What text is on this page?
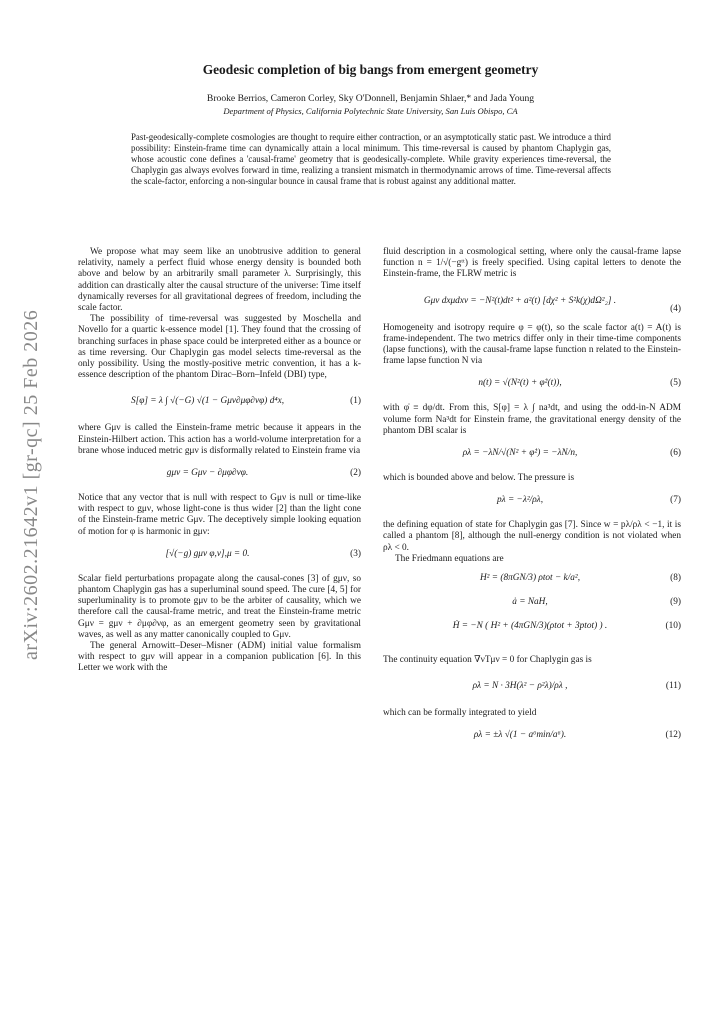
arXiv:2602.21642v1 [gr-qc] 25 Feb 2026
Geodesic completion of big bangs from emergent geometry
Brooke Berrios, Cameron Corley, Sky O'Donnell, Benjamin Shlaer,* and Jada Young
Department of Physics, California Polytechnic State University, San Luis Obispo, CA
Past-geodesically-complete cosmologies are thought to require either contraction, or an asymptotically static past. We introduce a third possibility: Einstein-frame time can dynamically attain a local minimum. This time-reversal is caused by phantom Chaplygin gas, whose acoustic cone defines a 'causal-frame' geometry that is geodesically-complete. While gravity experiences time-reversal, the Chaplygin gas always evolves forward in time, realizing a transient mismatch in thermodynamic arrows of time. Time-reversal affects the scale-factor, enforcing a non-singular bounce in causal frame that is robust against any additional matter.

We propose what may seem like an unobtrusive addition to general relativity, namely a perfect fluid whose energy density is bounded both above and below by an arbitrarily small parameter λ. Surprisingly, this addition can drastically alter the causal structure of the universe: Time itself dynamically reverses for all gravitational degrees of freedom, including the scale factor.

The possibility of time-reversal was suggested by Moschella and Novello for a quartic k-essence model [1]. They found that the crossing of branching surfaces in phase space could be interpreted either as a bounce or as time reversing. Our Chaplygin gas model selects time-reversal as the only possibility. Using the mostly-positive metric convention, it has a k-essence description of the phantom Dirac–Born–Infeld (DBI) type,

S[φ] = λ ∫ √(−G) √(1 − Gμν∂μφ∂νφ) d⁴x,	(1)

where Gμν is called the Einstein-frame metric because it appears in the Einstein-Hilbert action. This action has a world-volume interpretation for a brane whose induced metric gμν is disformally related to Einstein frame via

gμν = Gμν − ∂μφ∂νφ.	(2)

Notice that any vector that is null with respect to Gμν is null or time-like with respect to gμν, whose light-cone is thus wider [2] than the light cone of the Einstein-frame metric Gμν. The deceptively simple looking equation of motion for φ is harmonic in gμν:

[√(−g) gμν φ,ν],μ = 0.	(3)

Scalar field perturbations propagate along the causal-cones [3] of gμν, so phantom Chaplygin gas has a superluminal sound speed. The cure [4, 5] for superluminality is to promote gμν to be the arbiter of causality, which we therefore call the causal-frame metric, and treat the Einstein-frame metric Gμν = gμν + ∂μφ∂νφ, as an emergent geometry seen by gravitational waves, as well as any matter canonically coupled to Gμν.

The general Arnowitt–Deser–Misner (ADM) initial value formalism with respect to gμν will appear in a companion publication [6]. In this Letter we work with the

fluid description in a cosmological setting, where only the causal-frame lapse function n = 1/√(−gᵗᵗ) is freely specified. Using capital letters to denote the Einstein-frame, the FLRW metric is

Gμν dxμdxν = −N²(t)dt² + a²(t) [dχ² + S²k(χ)dΩ²₂] .
(4)

Homogeneity and isotropy require φ = φ(t), so the scale factor a(t) = A(t) is frame-independent. The two metrics differ only in their time-time components (lapse functions), with the causal-frame lapse function n related to the Einstein-frame lapse function N via

n(t) = √(N²(t) + φ̇²(t)),	(5)

with φ̇ ≡ dφ/dt. From this, S[φ] = λ ∫ na³dt, and using the odd-in-N ADM volume form Na³dt for Einstein frame, the gravitational energy density of the phantom DBI scalar is

ρλ = −λN/√(N² + φ̇²) = −λN/n,	(6)

which is bounded above and below. The pressure is

pλ = −λ²/ρλ,	(7)

the defining equation of state for Chaplygin gas [7]. Since w = pλ/ρλ < −1, it is called a phantom [8], although the null-energy condition is not violated when ρλ < 0.

The Friedmann equations are

H² = (8πGN/3) ρtot − k/a²,	(8)
ȧ = NaH,	(9)
Ḣ = −N ( H² + (4πGN/3)(ρtot + 3ptot) ) .	(10)

The continuity equation ∇νTμν = 0 for Chaplygin gas is

ρ̇λ = N · 3H(λ² − ρ²λ)/ρλ ,	(11)

which can be formally integrated to yield

ρλ = ±λ √(1 − a⁶min/a⁶).	(12)
